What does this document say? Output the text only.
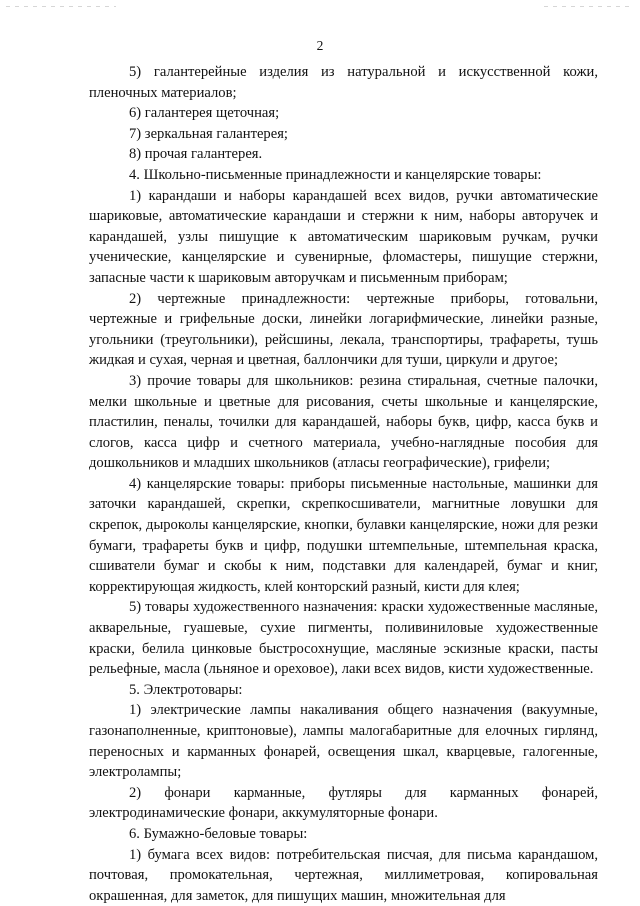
2

5) галантерейные изделия из натуральной и искусственной кожи, пленочных материалов;

6) галантерея щеточная;

7) зеркальная галантерея;

8) прочая галантерея.

4. Школьно-письменные принадлежности и канцелярские товары:

1) карандаши и наборы карандашей всех видов, ручки автоматические шариковые, автоматические карандаши и стержни к ним, наборы авторучек и карандашей, узлы пишущие к автоматическим шариковым ручкам, ручки ученические, канцелярские и сувенирные, фломастеры, пишущие стержни, запасные части к шариковым авторучкам и письменным приборам;

2) чертежные принадлежности: чертежные приборы, готовальни, чертежные и грифельные доски, линейки логарифмические, линейки разные, угольники (треугольники), рейсшины, лекала, транспортиры, трафареты, тушь жидкая и сухая, черная и цветная, баллончики для туши, циркули и другое;

3) прочие товары для школьников: резина стиральная, счетные палочки, мелки школьные и цветные для рисования, счеты школьные и канцелярские, пластилин, пеналы, точилки для карандашей, наборы букв, цифр, касса букв и слогов, касса цифр и счетного материала, учебно-наглядные пособия для дошкольников и младших школьников (атласы географические), грифели;

4) канцелярские товары: приборы письменные настольные, машинки для заточки карандашей, скрепки, скрепкосшиватели, магнитные ловушки для скрепок, дыроколы канцелярские, кнопки, булавки канцелярские, ножи для резки бумаги, трафареты букв и цифр, подушки штемпельные, штемпельная краска, сшиватели бумаг и скобы к ним, подставки для календарей, бумаг и книг, корректирующая жидкость, клей конторский разный, кисти для клея;

5) товары художественного назначения: краски художественные масляные, акварельные, гуашевые, сухие пигменты, поливиниловые художественные краски, белила цинковые быстросохнущие, масляные эскизные краски, пасты рельефные, масла (льняное и ореховое), лаки всех видов, кисти художественные.

5. Электротовары:

1) электрические лампы накаливания общего назначения (вакуумные, газонаполненные, криптоновые), лампы малогабаритные для елочных гирлянд, переносных и карманных фонарей, освещения шкал, кварцевые, галогенные, электролампы;

2) фонари карманные, футляры для карманных фонарей, электродинамические фонари, аккумуляторные фонари.

6. Бумажно-беловые товары:

1) бумага всех видов: потребительская писчая, для письма карандашом, почтовая, промокательная, чертежная, миллиметровая, копировальная окрашенная, для заметок, для пишущих машин, множительная для
